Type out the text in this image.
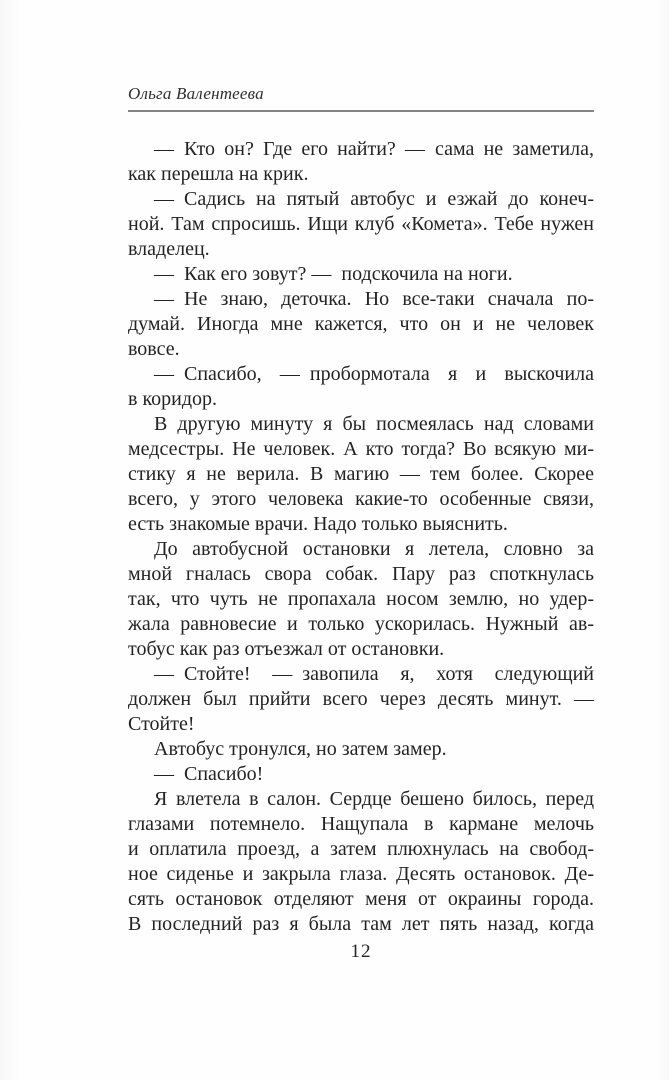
Ольга Валентеева
— Кто он? Где его найти? — сама не заметила,
как перешла на крик.
— Садись на пятый автобус и езжай до конеч-
ной. Там спросишь. Ищи клуб «Комета». Тебе нужен
владелец.
— Как его зовут? — подскочила на ноги.
— Не знаю, деточка. Но все-таки сначала по-
думай. Иногда мне кажется, что он и не человек
вовсе.
— Спасибо, — пробормотала я и выскочила
в коридор.
В другую минуту я бы посмеялась над словами
медсестры. Не человек. А кто тогда? Во всякую ми-
стику я не верила. В магию — тем более. Скорее
всего, у этого человека какие-то особенные связи,
есть знакомые врачи. Надо только выяснить.
До автобусной остановки я летела, словно за
мной гналась свора собак. Пару раз споткнулась
так, что чуть не пропахала носом землю, но удер-
жала равновесие и только ускорилась. Нужный ав-
тобус как раз отъезжал от остановки.
— Стойте! — завопила я, хотя следующий
должен был прийти всего через десять минут. —
Стойте!
Автобус тронулся, но затем замер.
— Спасибо!
Я влетела в салон. Сердце бешено билось, перед
глазами потемнело. Нащупала в кармане мелочь
и оплатила проезд, а затем плюхнулась на свобод-
ное сиденье и закрыла глаза. Десять остановок. Де-
сять остановок отделяют меня от окраины города.
В последний раз я была там лет пять назад, когда
12
